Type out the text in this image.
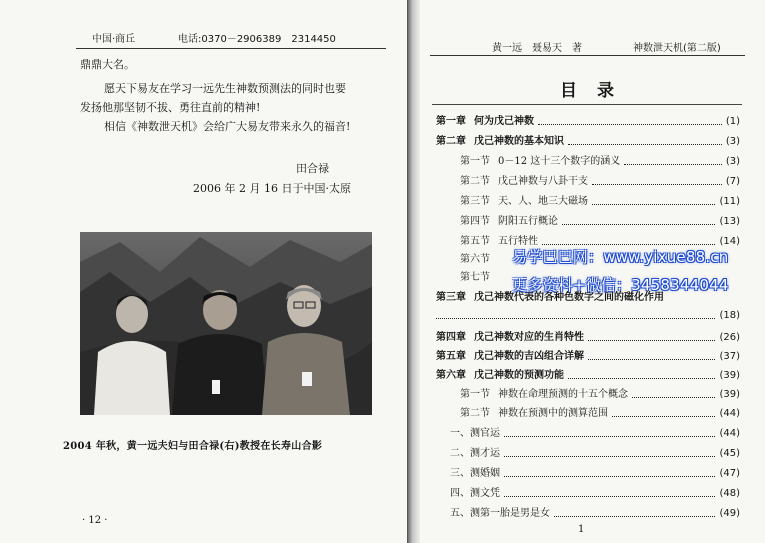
中国·商丘	电话:0370－2906389　2314450
鼎鼎大名。
愿天下易友在学习一远先生神数预测法的同时也要
发扬他那坚韧不拔、勇往直前的精神!
相信《神数泄天机》会给广大易友带来永久的福音!
田合禄
2006 年 2 月 16 日于中国·太原
2004 年秋，黄一远夫妇与田合禄(右)教授在长寿山合影
· 12 ·
黄一远　聂易天　著	神数泄天机(第二版)
目录
第一章 何为戊己神数	(1)
第二章 戊己神数的基本知识	(3)
第一节 0－12 这十三个数字的涵义	(3)
第二节 戊己神数与八卦干支	(7)
第三节 天、人、地三大磁场	(11)
第四节 阴阳五行概论	(13)
第五节 五行特性	(14)
第六节
第七节
第三章 戊己神数代表的各种色数字之间的磁化作用
(18)
第四章 戊己神数对应的生肖特性	(26)
第五章 戊己神数的吉凶组合详解	(37)
第六章 戊己神数的预测功能	(39)
第一节 神数在命理预测的十五个概念	(39)
第二节 神数在预测中的测算范围	(44)
一、 测官运	(44)
二、 测才运	(45)
三、 测婚姻	(47)
四、 测文凭	(48)
五、 测第一胎是男是女	(49)
1
易学巴巴网：www.yixue88.cn
更多资料+微信：3458344044
